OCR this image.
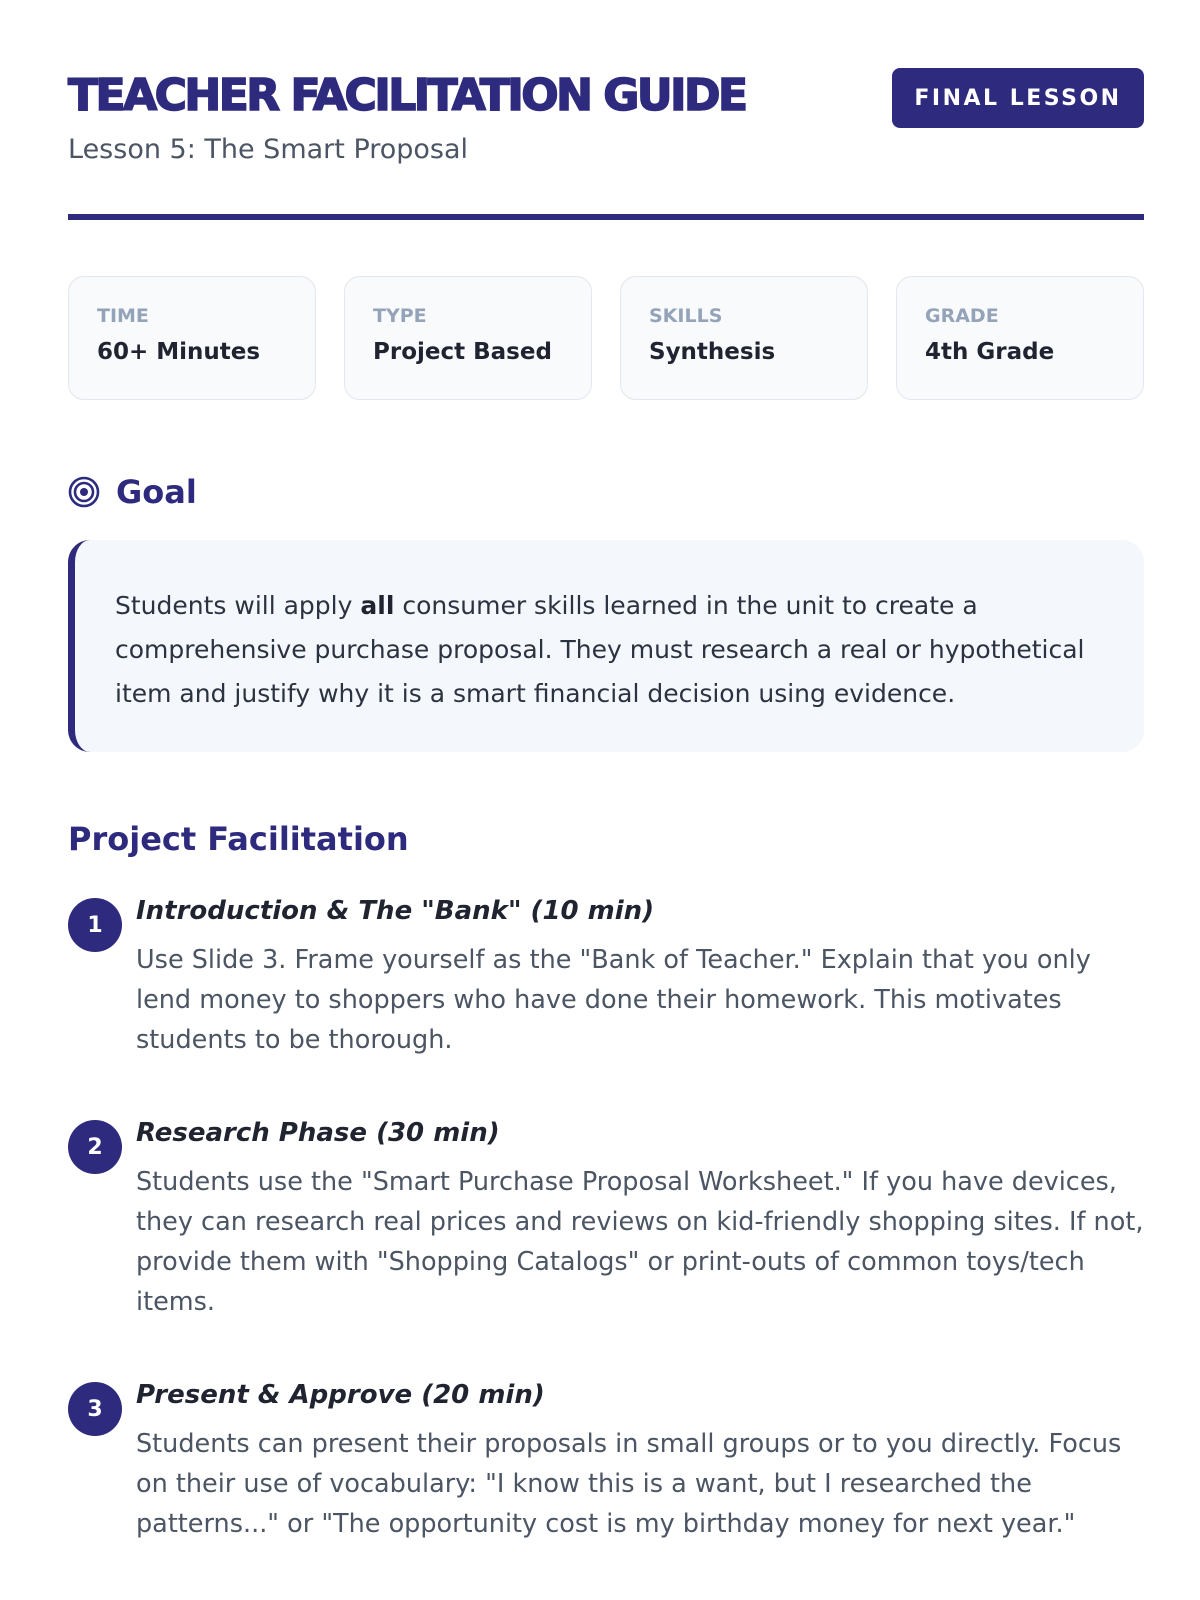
TEACHER FACILITATION GUIDE
Lesson 5: The Smart Proposal
FINAL LESSON
TIME
60+ Minutes
TYPE
Project Based
SKILLS
Synthesis
GRADE
4th Grade
Goal

Students will apply all consumer skills learned in the unit to create a comprehensive purchase proposal. They must research a real or hypothetical item and justify why it is a smart financial decision using evidence.

Project Facilitation
1	Introduction & The "Bank" (10 min)
Use Slide 3. Frame yourself as the "Bank of Teacher." Explain that you only lend money to shoppers who have done their homework. This motivates students to be thorough.
2	Research Phase (30 min)
Students use the "Smart Purchase Proposal Worksheet." If you have devices, they can research real prices and reviews on kid-friendly shopping sites. If not, provide them with "Shopping Catalogs" or print-outs of common toys/tech items.
3	Present & Approve (20 min)
Students can present their proposals in small groups or to you directly. Focus on their use of vocabulary: "I know this is a want, but I researched the patterns..." or "The opportunity cost is my birthday money for next year."
